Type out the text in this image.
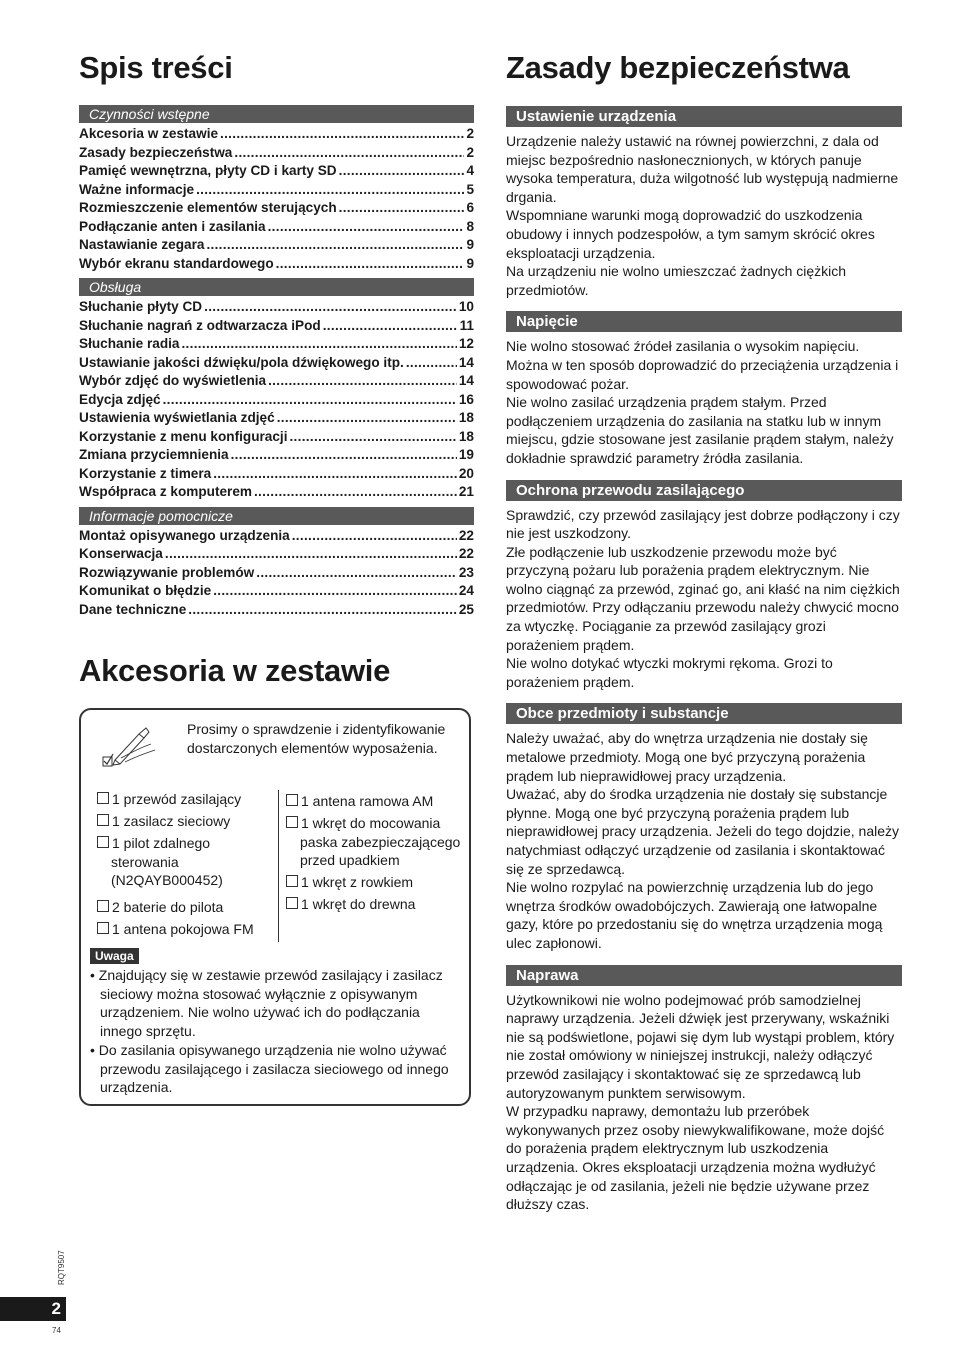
Spis treści
Czynności wstępne
Akcesoria w zestawie .....	2
Zasady bezpieczeństwa .....	2
Pamięć wewnętrzna, płyty CD i karty SD .....	4
Ważne informacje .....	5
Rozmieszczenie elementów sterujących .....	6
Podłączanie anten i zasilania .....	8
Nastawianie zegara .....	9
Wybór ekranu standardowego .....	9
Obsługa
Słuchanie płyty CD .....	10
Słuchanie nagrań z odtwarzacza iPod .....	11
Słuchanie radia .....	12
Ustawianie jakości dźwięku/pola dźwiękowego itp. .....	14
Wybór zdjęć do wyświetlenia .....	14
Edycja zdjęć .....	16
Ustawienia wyświetlania zdjęć .....	18
Korzystanie z menu konfiguracji .....	18
Zmiana przyciemnienia .....	19
Korzystanie z timera .....	20
Współpraca z komputerem .....	21
Informacje pomocnicze
Montaż opisywanego urządzenia .....	22
Konserwacja .....	22
Rozwiązywanie problemów .....	23
Komunikat o błędzie .....	24
Dane techniczne .....	25
Akcesoria w zestawie
Prosimy o sprawdzenie i zidentyfikowanie dostarczonych elementów wyposażenia.
1 przewód zasilający
1 zasilacz sieciowy
1 pilot zdalnego sterowania (N2QAYB000452)
2 baterie do pilota
1 antena pokojowa FM
1 antena ramowa AM
1 wkręt do mocowania paska zabezpieczającego przed upadkiem
1 wkręt z rowkiem
1 wkręt do drewna
Uwaga
• Znajdujący się w zestawie przewód zasilający i zasilacz sieciowy można stosować wyłącznie z opisywanym urządzeniem. Nie wolno używać ich do podłączania innego sprzętu.
• Do zasilania opisywanego urządzenia nie wolno używać przewodu zasilającego i zasilacza sieciowego od innego urządzenia.
Zasady bezpieczeństwa
Ustawienie urządzenia

Urządzenie należy ustawić na równej powierzchni, z dala od miejsc bezpośrednio nasłonecznionych, w których panuje wysoka temperatura, duża wilgotność lub występują nadmierne drgania.

Wspomniane warunki mogą doprowadzić do uszkodzenia obudowy i innych podzespołów, a tym samym skrócić okres eksploatacji urządzenia.

Na urządzeniu nie wolno umieszczać żadnych ciężkich przedmiotów.

Napięcie

Nie wolno stosować źródeł zasilania o wysokim napięciu. Można w ten sposób doprowadzić do przeciążenia urządzenia i spowodować pożar.

Nie wolno zasilać urządzenia prądem stałym. Przed podłączeniem urządzenia do zasilania na statku lub w innym miejscu, gdzie stosowane jest zasilanie prądem stałym, należy dokładnie sprawdzić parametry źródła zasilania.

Ochrona przewodu zasilającego

Sprawdzić, czy przewód zasilający jest dobrze podłączony i czy nie jest uszkodzony.

Złe podłączenie lub uszkodzenie przewodu może być przyczyną pożaru lub porażenia prądem elektrycznym. Nie wolno ciągnąć za przewód, zginać go, ani kłaść na nim ciężkich przedmiotów. Przy odłączaniu przewodu należy chwycić mocno za wtyczkę. Pociąganie za przewód zasilający grozi porażeniem prądem.

Nie wolno dotykać wtyczki mokrymi rękoma. Grozi to porażeniem prądem.

Obce przedmioty i substancje

Należy uważać, aby do wnętrza urządzenia nie dostały się metalowe przedmioty. Mogą one być przyczyną porażenia prądem lub nieprawidłowej pracy urządzenia.

Uważać, aby do środka urządzenia nie dostały się substancje płynne. Mogą one być przyczyną porażenia prądem lub nieprawidłowej pracy urządzenia. Jeżeli do tego dojdzie, należy natychmiast odłączyć urządzenie od zasilania i skontaktować się ze sprzedawcą.

Nie wolno rozpylać na powierzchnię urządzenia lub do jego wnętrza środków owadobójczych. Zawierają one łatwopalne gazy, które po przedostaniu się do wnętrza urządzenia mogą ulec zapłonowi.

Naprawa

Użytkownikowi nie wolno podejmować prób samodzielnej naprawy urządzenia. Jeżeli dźwięk jest przerywany, wskaźniki nie są podświetlone, pojawi się dym lub wystąpi problem, który nie został omówiony w niniejszej instrukcji, należy odłączyć przewód zasilający i skontaktować się ze sprzedawcą lub autoryzowanym punktem serwisowym.

W przypadku naprawy, demontażu lub przeróbek wykonywanych przez osoby niewykwalifikowane, może dojść do porażenia prądem elektrycznym lub uszkodzenia urządzenia. Okres eksploatacji urządzenia można wydłużyć odłączając je od zasilania, jeżeli nie będzie używane przez dłuższy czas.

RQT9507
2
74
